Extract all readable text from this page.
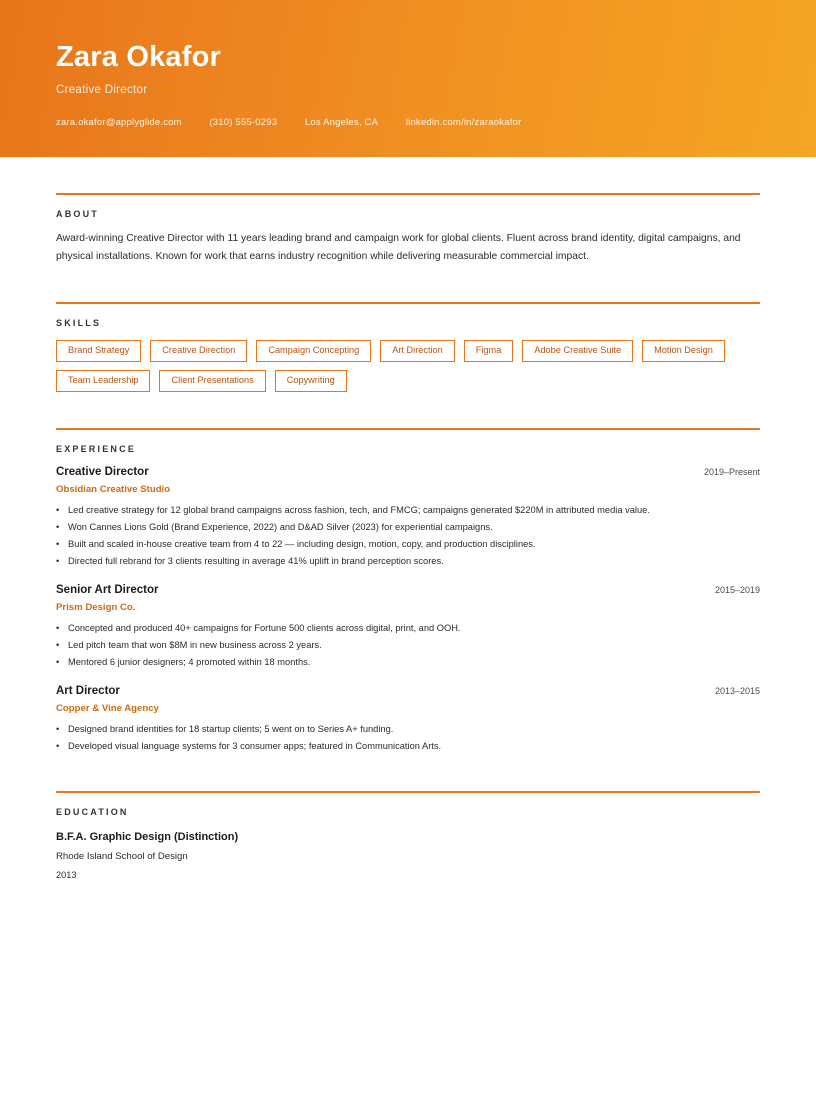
Zara Okafor
Creative Director
zara.okafor@applyglide.com	(310) 555-0293	Los Angeles, CA	linkedin.com/in/zaraokafor
ABOUT
Award-winning Creative Director with 11 years leading brand and campaign work for global clients. Fluent across brand identity, digital campaigns, and physical installations. Known for work that earns industry recognition while delivering measurable commercial impact.
SKILLS
Brand Strategy	Creative Direction	Campaign Concepting	Art Direction	Figma	Adobe Creative Suite	Motion Design
Team Leadership	Client Presentations	Copywriting
EXPERIENCE
Creative Director	2019–Present
Obsidian Creative Studio
• Led creative strategy for 12 global brand campaigns across fashion, tech, and FMCG; campaigns generated $220M in attributed media value.
• Won Cannes Lions Gold (Brand Experience, 2022) and D&AD Silver (2023) for experiential campaigns.
• Built and scaled in-house creative team from 4 to 22 — including design, motion, copy, and production disciplines.
• Directed full rebrand for 3 clients resulting in average 41% uplift in brand perception scores.
Senior Art Director	2015–2019
Prism Design Co.
• Concepted and produced 40+ campaigns for Fortune 500 clients across digital, print, and OOH.
• Led pitch team that won $8M in new business across 2 years.
• Mentored 6 junior designers; 4 promoted within 18 months.
Art Director	2013–2015
Copper & Vine Agency
• Designed brand identities for 18 startup clients; 5 went on to Series A+ funding.
• Developed visual language systems for 3 consumer apps; featured in Communication Arts.
EDUCATION
B.F.A. Graphic Design (Distinction)
Rhode Island School of Design
2013
